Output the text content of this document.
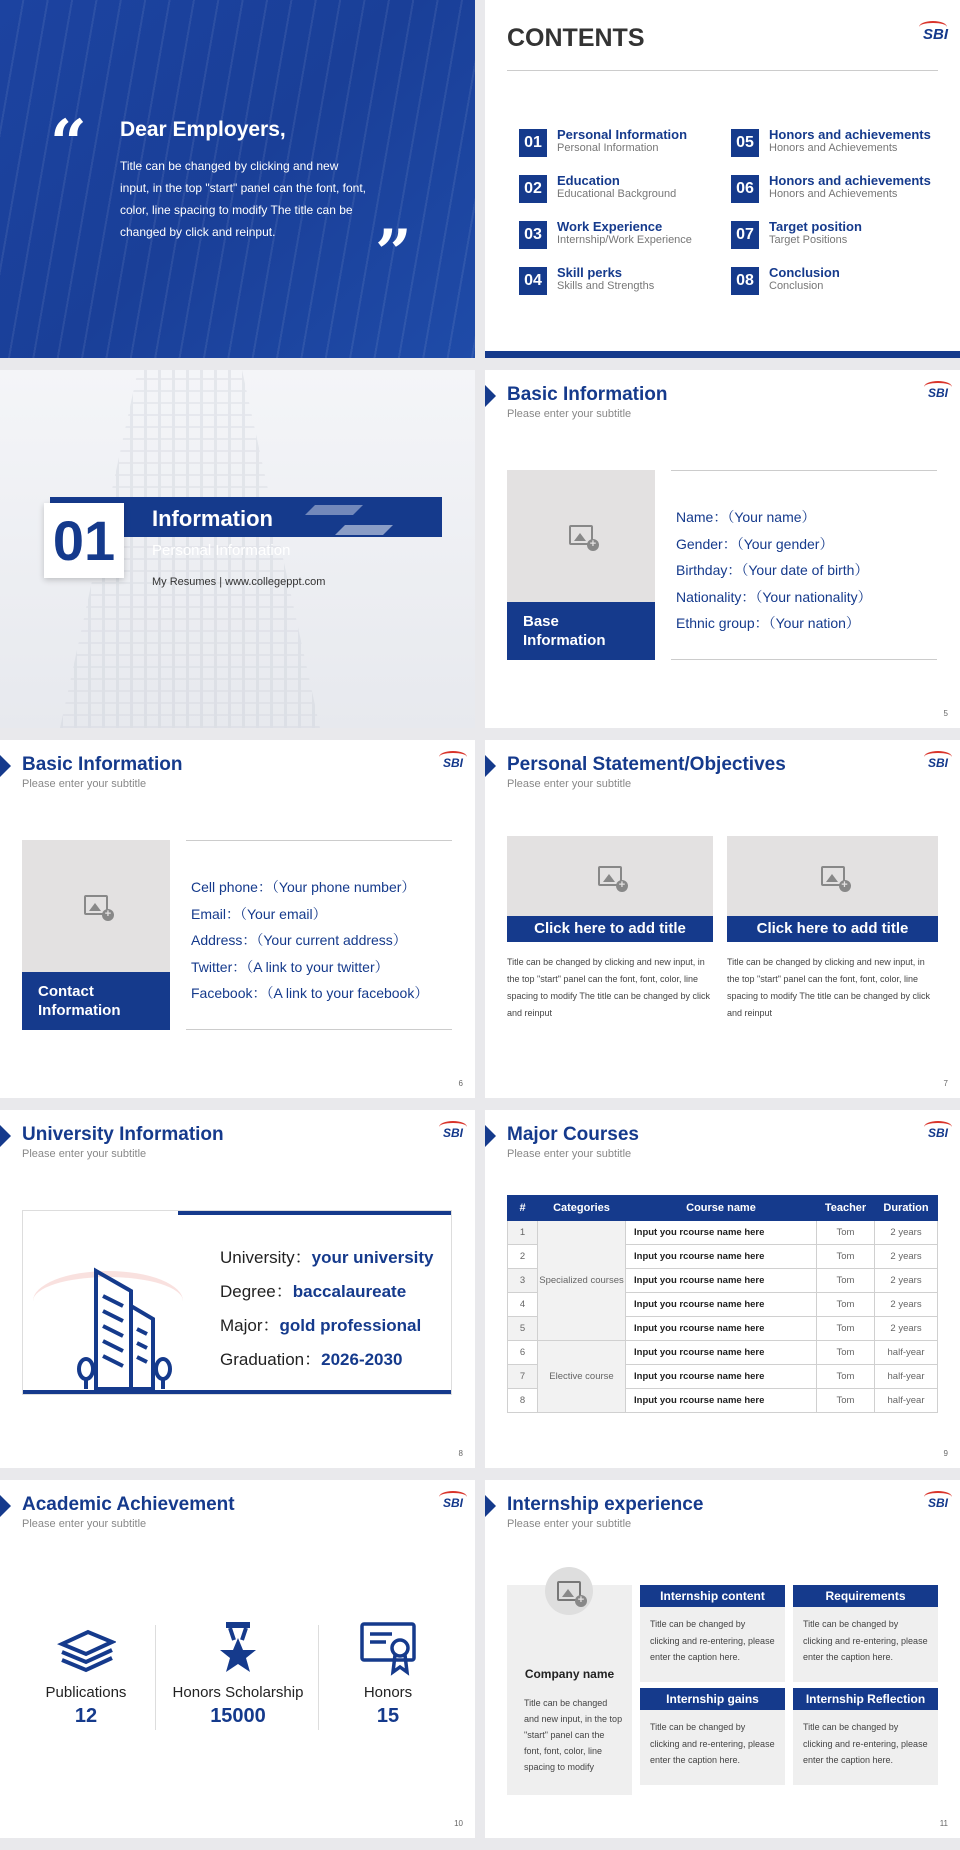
“ Dear Employers,
Title can be changed by clicking and new input, in the top "start" panel can the font, font, color, line spacing to modify The title can be changed by click and reinput.	”
CONTENTS	SBI
01	Personal Information
Personal Information
02	Education
Educational Background
03	Work Experience
Internship/Work Experience
04	Skill perks
Skills and Strengths
05	Honors and achievements
Honors and Achievements
06	Honors and achievements
Honors and Achievements
07	Target position
Target Positions
08	Conclusion
Conclusion
01	Information
Personal Information
My Resumes | www.collegeppt.com
Basic Information
Please enter your subtitle
SBI
+
Base Information
Name：（Your name）
Gender：（Your gender）
Birthday：（Your date of birth）
Nationality：（Your nationality）
Ethnic group：（Your nation）
5
Basic Information
Please enter your subtitle
SBI
+
Contact Information
Cell phone：（Your phone number）
Email：（Your email）
Address：（Your current address）
Twitter：（A link to your twitter）
Facebook：（A link to your facebook）
6
Personal Statement/Objectives
Please enter your subtitle
SBI
+
Click here to add title
Title can be changed by clicking and new input, in the top "start" panel can the font, font, color, line spacing to modify The title can be changed by click and reinput
+
Click here to add title
Title can be changed by clicking and new input, in the top "start" panel can the font, font, color, line spacing to modify The title can be changed by click and reinput
7
University Information
Please enter your subtitle
SBI
University：your university
Degree：baccalaureate
Major：gold professional
Graduation：2026-2030
8
Major Courses
Please enter your subtitle
SBI
#	Categories	Course name	Teacher	Duration
1	Specialized courses	Input you rcourse name here	Tom	2 years
2		Input you rcourse name here	Tom	2 years
3		Input you rcourse name here	Tom	2 years
4		Input you rcourse name here	Tom	2 years
5		Input you rcourse name here	Tom	2 years
6	Elective course	Input you rcourse name here	Tom	half-year
7		Input you rcourse name here	Tom	half-year
8		Input you rcourse name here	Tom	half-year
9
Academic Achievement
Please enter your subtitle
SBI
Publications
12
Honors Scholarship
15000
Honors
15
10
Internship experience
Please enter your subtitle
SBI
+
Company name
Title can be changed and new input, in the top "start" panel can the font, font, color, line spacing to modify
Internship content
Title can be changed by clicking and re-entering, please enter the caption here.
Requirements
Title can be changed by clicking and re-entering, please enter the caption here.
Internship gains
Title can be changed by clicking and re-entering, please enter the caption here.
Internship Reflection
Title can be changed by clicking and re-entering, please enter the caption here.
11
